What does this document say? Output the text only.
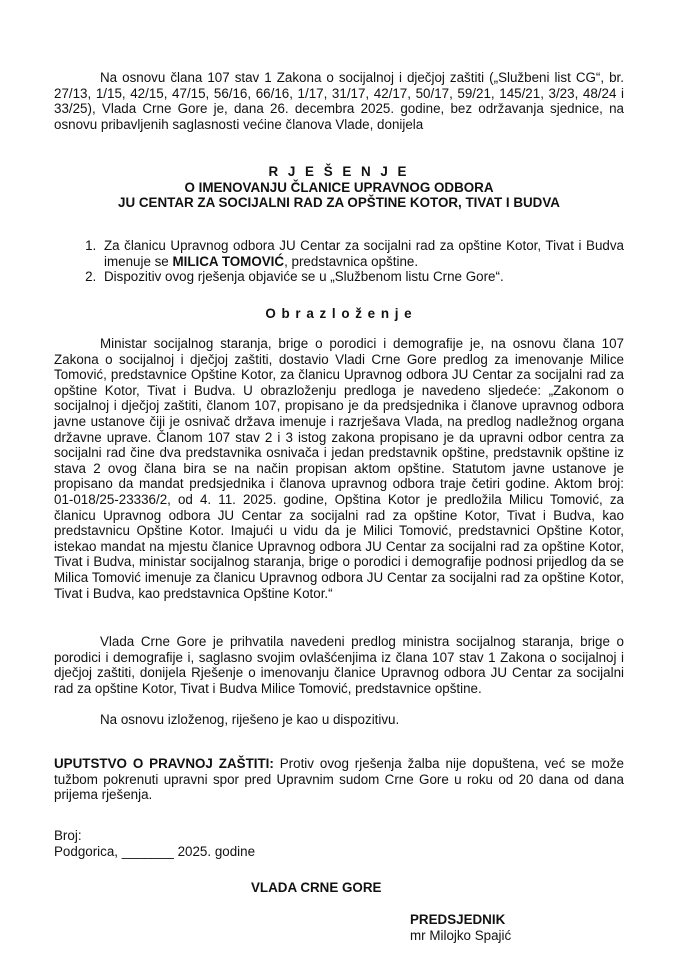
Na osnovu člana 107 stav 1 Zakona o socijalnoj i dječjoj zaštiti („Službeni list CG“, br. 27/13, 1/15, 42/15, 47/15, 56/16, 66/16, 1/17, 31/17, 42/17, 50/17, 59/21, 145/21, 3/23, 48/24 i 33/25), Vlada Crne Gore je, dana 26. decembra 2025. godine, bez održavanja sjednice, na osnovu pribavljenih saglasnosti većine članova Vlade, donijela

R J E Š E N J E
O IMENOVANJU ČLANICE UPRAVNOG ODBORA
JU CENTAR ZA SOCIJALNI RAD ZA OPŠTINE KOTOR, TIVAT I BUDVA
1. Za članicu Upravnog odbora JU Centar za socijalni rad za opštine Kotor, Tivat i Budva imenuje se MILICA TOMOVIĆ, predstavnica opštine.
2. Dispozitiv ovog rješenja objaviće se u „Službenom listu Crne Gore“.
O b r a z l o ž e n j e

Ministar socijalnog staranja, brige o porodici i demografije je, na osnovu člana 107 Zakona o socijalnoj i dječjoj zaštiti, dostavio Vladi Crne Gore predlog za imenovanje Milice Tomović, predstavnice Opštine Kotor, za članicu Upravnog odbora JU Centar za socijalni rad za opštine Kotor, Tivat i Budva. U obrazloženju predloga je navedeno sljedeće: „Zakonom o socijalnoj i dječjoj zaštiti, članom 107, propisano je da predsjednika i članove upravnog odbora javne ustanove čiji je osnivač država imenuje i razrješava Vlada, na predlog nadležnog organa državne uprave. Članom 107 stav 2 i 3 istog zakona propisano je da upravni odbor centra za socijalni rad čine dva predstavnika osnivača i jedan predstavnik opštine, predstavnik opštine iz stava 2 ovog člana bira se na način propisan aktom opštine. Statutom javne ustanove je propisano da mandat predsjednika i članova upravnog odbora traje četiri godine. Aktom broj: 01-018/25-23336/2, od 4. 11. 2025. godine, Opština Kotor je predložila Milicu Tomović, za članicu Upravnog odbora JU Centar za socijalni rad za opštine Kotor, Tivat i Budva, kao predstavnicu Opštine Kotor. Imajući u vidu da je Milici Tomović, predstavnici Opštine Kotor, istekao mandat na mjestu članice Upravnog odbora JU Centar za socijalni rad za opštine Kotor, Tivat i Budva, ministar socijalnog staranja, brige o porodici i demografije podnosi prijedlog da se Milica Tomović imenuje za članicu Upravnog odbora JU Centar za socijalni rad za opštine Kotor, Tivat i Budva, kao predstavnica Opštine Kotor.“

Vlada Crne Gore je prihvatila navedeni predlog ministra socijalnog staranja, brige o porodici i demografije i, saglasno svojim ovlašćenjima iz člana 107 stav 1 Zakona o socijalnoj i dječjoj zaštiti, donijela Rješenje o imenovanju članice Upravnog odbora JU Centar za socijalni rad za opštine Kotor, Tivat i Budva Milice Tomović, predstavnice opštine.

Na osnovu izloženog, riješeno je kao u dispozitivu.

UPUTSTVO O PRAVNOJ ZAŠTITI: Protiv ovog rješenja žalba nije dopuštena, već se može tužbom pokrenuti upravni spor pred Upravnim sudom Crne Gore u roku od 20 dana od dana prijema rješenja.

Broj:
Podgorica, _______ 2025. godine
VLADA CRNE GORE
PREDSJEDNIK
mr Milojko Spajić
